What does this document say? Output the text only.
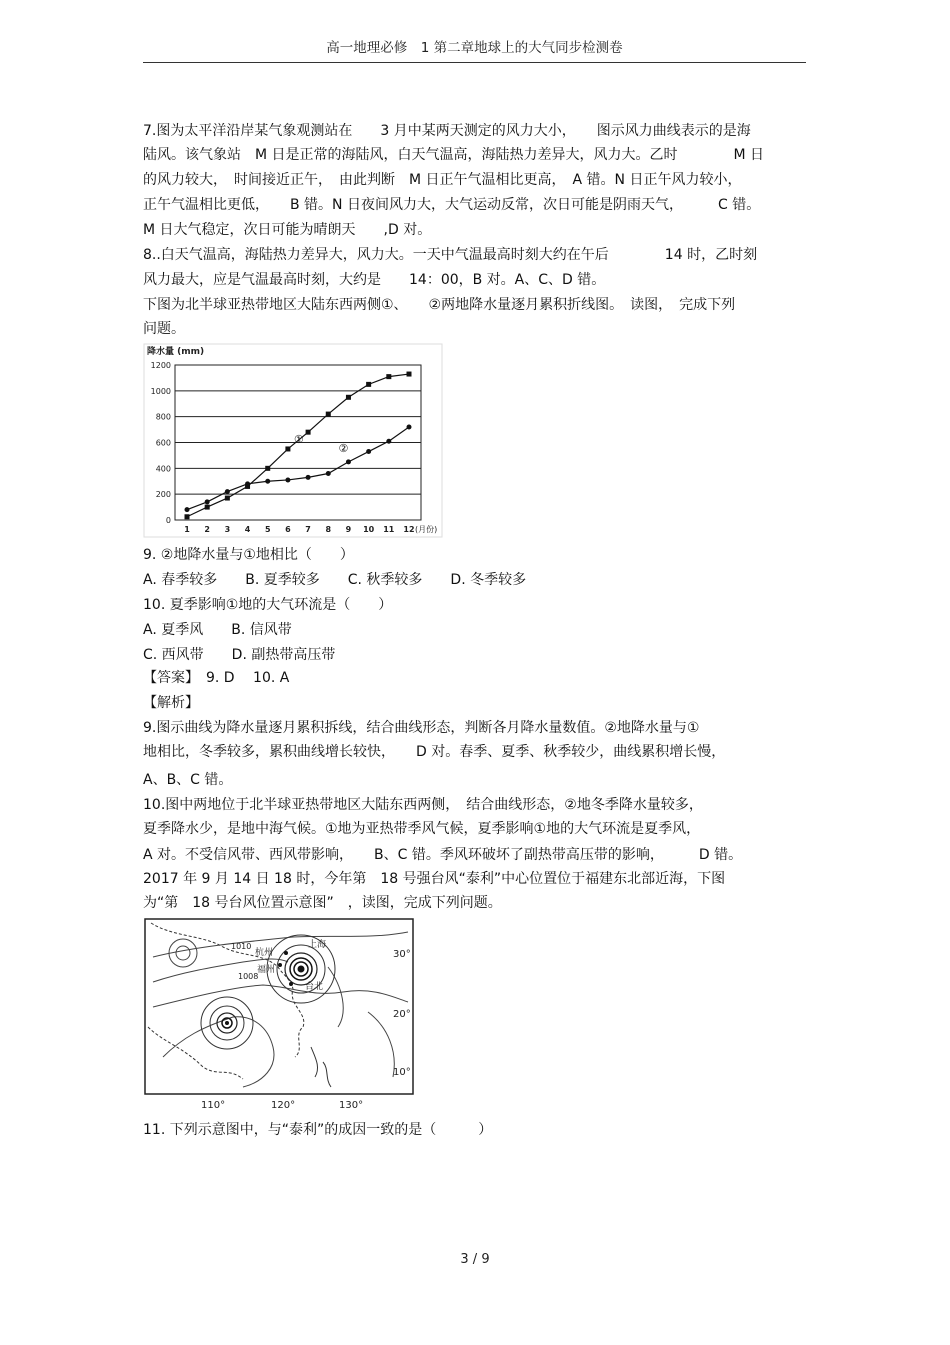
高一地理必修　1 第二章地球上的大气同步检测卷
7.图为太平洋沿岸某气象观测站在　　3 月中某两天测定的风力大小，　　图示风力曲线表示的是海
陆风。该气象站　M 日是正常的海陆风，白天气温高，海陆热力差异大，风力大。乙时　　　　M 日
的风力较大，　时间接近正午，　由此判断　M 日正午气温相比更高，　A 错。N 日正午风力较小，
正午气温相比更低，　　B 错。N 日夜间风力大，大气运动反常，次日可能是阴雨天气，　　　C 错。
M 日大气稳定，次日可能为晴朗天　　,D 对。
8..白天气温高，海陆热力差异大，风力大。一天中气温最高时刻大约在午后　　　　14 时，乙时刻
风力最大，应是气温最高时刻，大约是　　14：00，B 对。A、C、D 错。
下图为北半球亚热带地区大陆东西两侧①、　　②两地降水量逐月累积折线图。　读图，　完成下列
问题。
降水量 (mm)
0
200
400
600
800
1000
1200
1 2 3 4 5 6 7 8 9 10 11 12 (月份)
①
②
9. ②地降水量与①地相比（　　）
A. 春季较多　　B. 夏季较多　　C. 秋季较多　　D. 冬季较多
10. 夏季影响①地的大气环流是（　　）
A. 夏季风　　B. 信风带
C. 西风带　　D. 副热带高压带
【答案】　9. D　 10. A
【解析】
9.图示曲线为降水量逐月累积拆线，结合曲线形态，判断各月降水量数值。②地降水量与①
地相比，冬季较多，累积曲线增长较快，　　D 对。春季、夏季、秋季较少，曲线累积增长慢，
A、B、C 错。
10.图中两地位于北半球亚热带地区大陆东西两侧，　结合曲线形态，②地冬季降水量较多，
夏季降水少，是地中海气候。①地为亚热带季风气候，夏季影响①地的大气环流是夏季风，
A 对。不受信风带、西风带影响，　　B、C 错。季风环破坏了副热带高压带的影响，　　　D 错。
2017 年 9 月 14 日 18 时，今年第　18 号强台风“泰利”中心位置位于福建东北部近海，下图
为“第　18 号台风位置示意图”　，读图，完成下列问题。
杭州
上海
福州
台北
1010
1008
30°
20°
10°
110°	120°	130°
11. 下列示意图中，与“泰利”的成因一致的是（　　　）
3 / 9
